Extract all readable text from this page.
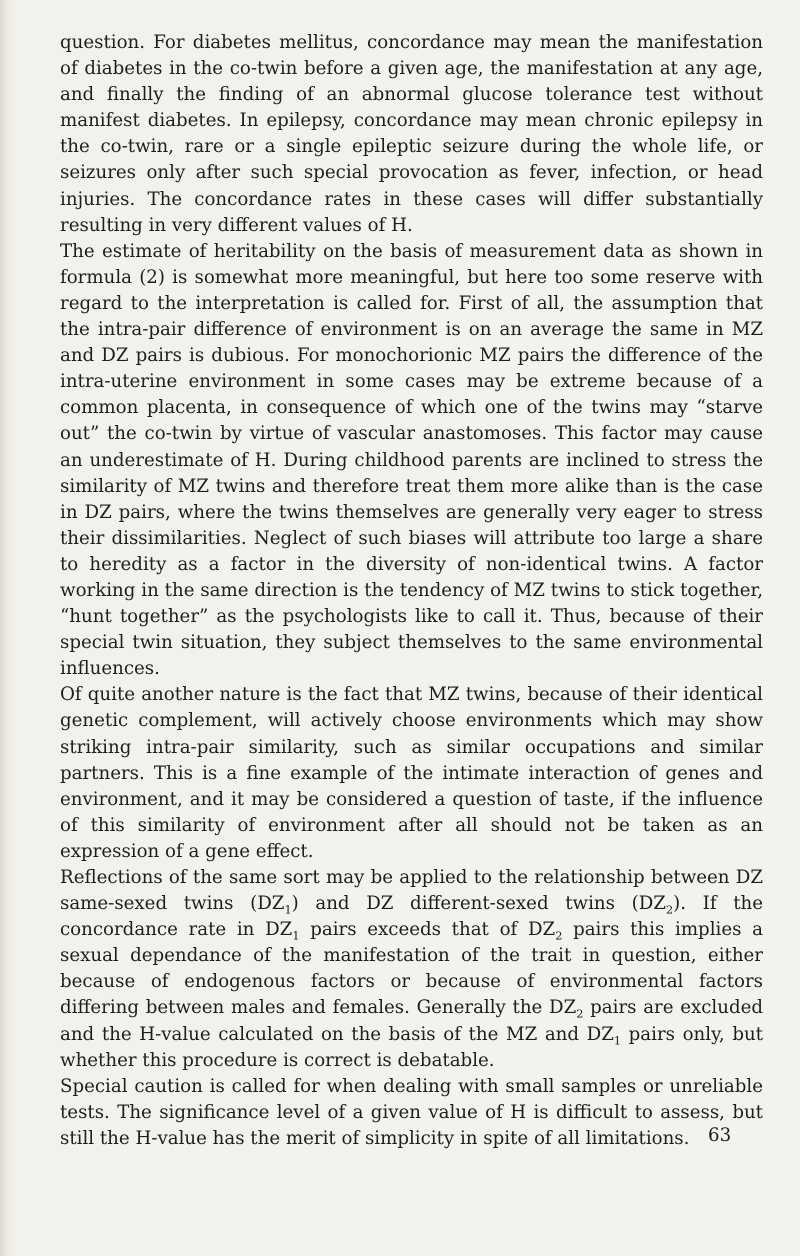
question. For diabetes mellitus, concordance may mean the manifestation of diabetes in the co-twin before a given age, the manifestation at any age, and finally the finding of an abnormal glucose tolerance test without manifest diabetes. In epilepsy, concordance may mean chronic epilepsy in the co-twin, rare or a single epileptic seizure during the whole life, or seizures only after such special provocation as fever, infection, or head injuries. The concordance rates in these cases will differ substantially resulting in very different values of H.

The estimate of heritability on the basis of measurement data as shown in formula (2) is somewhat more meaningful, but here too some reserve with regard to the interpretation is called for. First of all, the assumption that the intra-pair difference of environment is on an average the same in MZ and DZ pairs is dubious. For monochorionic MZ pairs the difference of the intra-uterine environment in some cases may be extreme because of a common placenta, in consequence of which one of the twins may “starve out” the co-twin by virtue of vascular anastomoses. This factor may cause an underestimate of H. During childhood parents are inclined to stress the similarity of MZ twins and therefore treat them more alike than is the case in DZ pairs, where the twins themselves are generally very eager to stress their dissimilarities. Neglect of such biases will attribute too large a share to heredity as a factor in the diversity of non-identical twins. A factor working in the same direction is the tendency of MZ twins to stick together, “hunt together” as the psychologists like to call it. Thus, because of their special twin situation, they subject themselves to the same environmental influences.

Of quite another nature is the fact that MZ twins, because of their identical genetic complement, will actively choose environments which may show striking intra-pair similarity, such as similar occupations and similar partners. This is a fine example of the intimate interaction of genes and environment, and it may be considered a question of taste, if the influence of this similarity of environment after all should not be taken as an expression of a gene effect.

Reflections of the same sort may be applied to the relationship between DZ same-sexed twins $(DZ_1)$ and DZ different-sexed twins $(DZ_2)$. If the concordance rate in $DZ_1$ pairs exceeds that of $DZ_2$ pairs this implies a sexual dependance of the manifestation of the trait in question, either because of endogenous factors or because of environmental factors differing between males and females. Generally the $DZ_2$ pairs are excluded and the H-value calculated on the basis of the MZ and $DZ_1$ pairs only, but whether this procedure is correct is debatable.

Special caution is called for when dealing with small samples or unreliable tests. The significance level of a given value of H is difficult to assess, but still the H-value has the merit of simplicity in spite of all limitations.	63
